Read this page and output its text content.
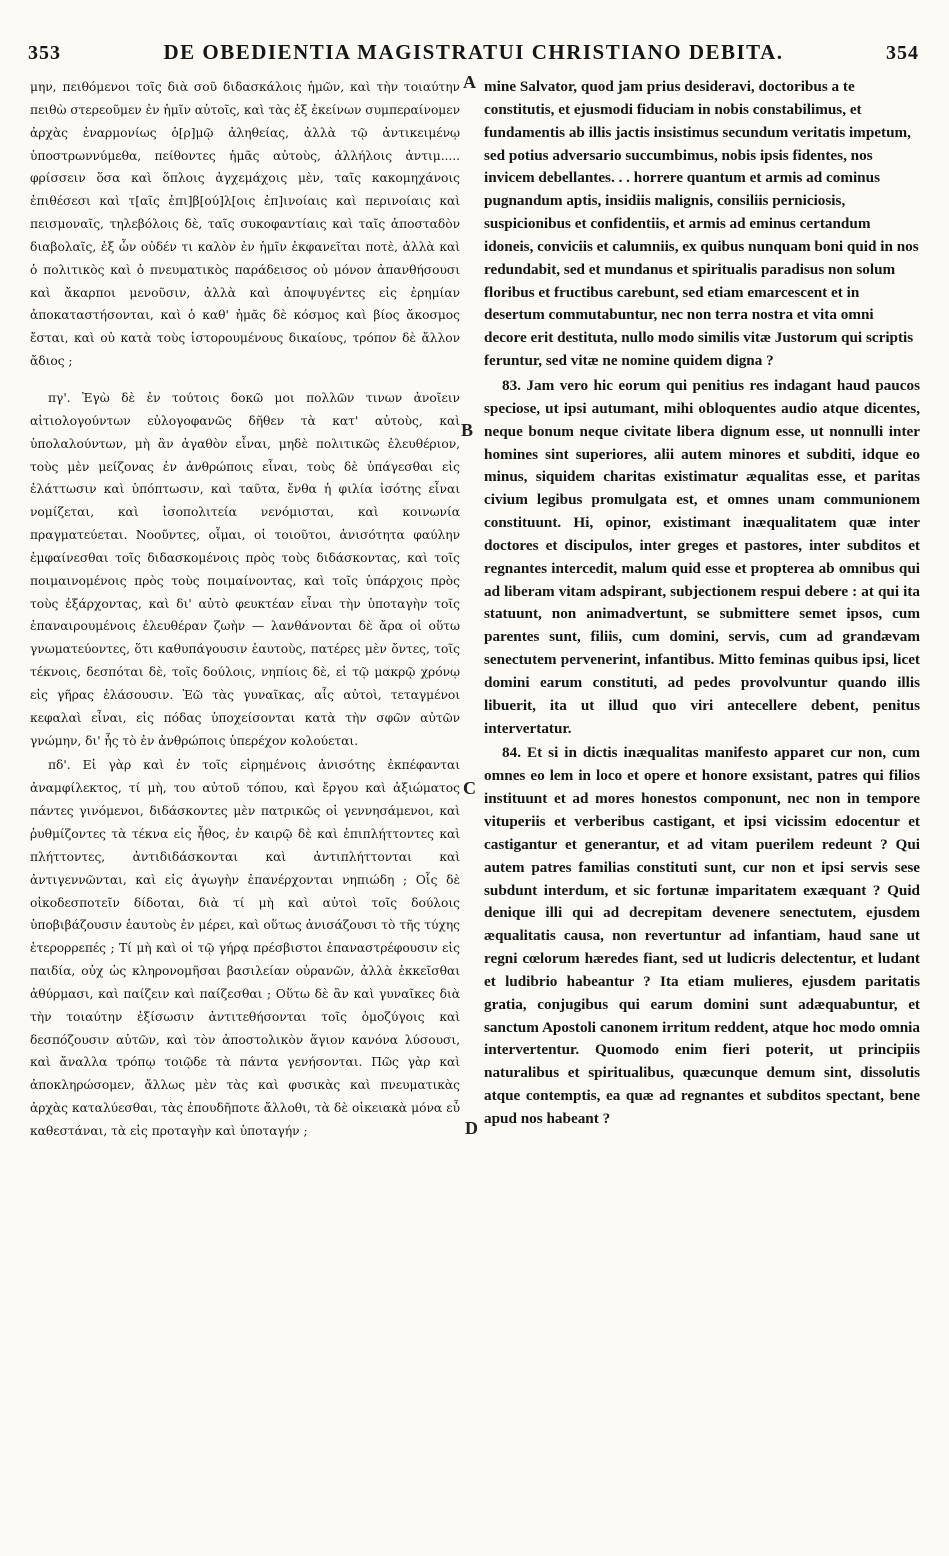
353	DE OBEDIENTIA MAGISTRATUI CHRISTIANO DEBITA.	354

μην, πειθόμενοι τοῖς διὰ σοῦ διδασκάλοις ἡμῶν, καὶ τὴν τοιαύτην πειθὼ στερεοῦμεν ἐν ἡμῖν αὐτοῖς, καὶ τὰς ἐξ ἐκείνων συμπεραίνομεν ἀρχὰς ἐναρμονίως ὁ[ρ]μῷ ἀληθείας, ἀλλὰ τῷ ἀντικειμένῳ ὑποστρωννύμεθα, πείθοντες ἡμᾶς αὐτοὺς, ἀλλήλοις ἀντιμ..... φρίσσειν ὅσα καὶ ὅπλοις ἀγχεμάχοις μὲν, ταῖς κακομηχάνοις ἐπιθέσεσι καὶ τ[αῖς ἐπι]β[ού]λ[οις ἐπ]ινοίαις καὶ περινοίαις καὶ πεισμοναῖς, τηλεβόλοις δὲ, ταῖς συκοφαντίαις καὶ ταῖς ἀποσταδὸν διαβολαῖς, ἐξ ὧν οὐδέν τι καλὸν ἐν ἡμῖν ἐκφανεῖται ποτὲ, ἀλλὰ καὶ ὁ πολιτικὸς καὶ ὁ πνευματικὸς παράδεισος οὐ μόνον ἀπανθήσουσι καὶ ἄκαρποι μενοῦσιν, ἀλλὰ καὶ ἀποψυγέντες εἰς ἐρημίαν ἀποκαταστήσονται, καὶ ὁ καθ' ἡμᾶς δὲ κόσμος καὶ βίος ἄκοσμος ἔσται, καὶ οὐ κατὰ τοὺς ἱστορουμένους δικαίους, τρόπον δὲ ἄλλον ἄδιος ;

πγ'. Ἐγὼ δὲ ἐν τούτοις δοκῶ μοι πολλῶν τινων ἀνοῖειν αἰτιολογούντων εὐλογοφανῶς δῆθεν τὰ κατ' αὐτοὺς, καὶ ὑπολαλούντων, μὴ ἂν ἀγαθὸν εἶναι, μηδὲ πολιτικῶς ἐλευθέριον, τοὺς μὲν μείζονας ἐν ἀνθρώποις εἶναι, τοὺς δὲ ὑπάγεσθαι εἰς ἐλάττωσιν καὶ ὑπόπτωσιν, καὶ ταῦτα, ἔνθα ἡ φιλία ἰσότης εἶναι νομίζεται, καὶ ἰσοπολιτεία νενόμισται, καὶ κοινωνία πραγματεύεται. Νοοῦντες, οἶμαι, οἱ τοιοῦτοι, ἀνισότητα φαύλην ἐμφαίνεσθαι τοῖς διδασκομένοις πρὸς τοὺς διδάσκοντας, καὶ τοῖς ποιμαινομένοις πρὸς τοὺς ποιμαίνοντας, καὶ τοῖς ὑπάρχοις πρὸς τοὺς ἐξάρχοντας, καὶ δι' αὐτὸ φευκτέαν εἶναι τὴν ὑποταγὴν τοῖς ἐπαναιρουμένοις ἐλευθέραν ζωὴν — λανθάνονται δὲ ἄρα οἱ οὕτω γνωματεύοντες, ὅτι καθυπάγουσιν ἑαυτοὺς, πατέρες μὲν ὄντες, τοῖς τέκνοις, δεσπόται δὲ, τοῖς δούλοις, νηπίοις δὲ, εἰ τῷ μακρῷ χρόνῳ εἰς γῆρας ἐλάσουσιν. Ἐῶ τὰς γυναῖκας, αἷς αὐτοὶ, τεταγμένοι κεφαλαὶ εἶναι, εἰς πόδας ὑποχείσονται κατὰ τὴν σφῶν αὐτῶν γνώμην, δι' ἧς τὸ ἐν ἀνθρώποις ὑπερέχον κολούεται.

πδ'. Εἰ γὰρ καὶ ἐν τοῖς εἰρημένοις ἀνισότης ἐκπέφανται ἀναμφίλεκτος, τί μὴ, του αὐτοῦ τόπου, καὶ ἔργου καὶ ἀξιώματος πάντες γινόμενοι, διδάσκοντες μὲν πατρικῶς οἱ γεννησάμενοι, καὶ ῥυθμίζοντες τὰ τέκνα εἰς ἦθος, ἐν καιρῷ δὲ καὶ ἐπιπλήττοντες καὶ πλήττοντες, ἀντιδιδάσκονται καὶ ἀντιπλήττονται καὶ ἀντιγεννῶνται, καὶ εἰς ἀγωγὴν ἐπανέρχονται νηπιώδη ; Οἷς δὲ οἰκοδεσποτεῖν δίδοται, διὰ τί μὴ καὶ αὐτοὶ τοῖς δούλοις ὑποβιβάζουσιν ἑαυτοὺς ἐν μέρει, καὶ οὕτως ἀνισάζουσι τὸ τῆς τύχης ἑτερορρεπές ; Τί μὴ καὶ οἱ τῷ γήρᾳ πρέσβιστοι ἐπαναστρέφουσιν εἰς παιδία, οὐχ ὡς κληρονομῆσαι βασιλείαν οὐρανῶν, ἀλλὰ ἐκκεῖσθαι ἀθύρμασι, καὶ παίζειν καὶ παίζεσθαι ; Οὕτω δὲ ἂν καὶ γυναῖκες διὰ τὴν τοιαύτην ἐξίσωσιν ἀντιτεθήσονται τοῖς ὁμοζύγοις καὶ δεσπόζουσιν αὐτῶν, καὶ τὸν ἀποστολικὸν ἅγιον κανόνα λύσουσι, καὶ ἄναλλα τρόπῳ τοιῷδε τὰ πάντα γενήσονται. Πῶς γὰρ καὶ ἀποκληρώσομεν, ἄλλως μὲν τὰς καὶ φυσικὰς καὶ πνευματικὰς ἀρχὰς καταλύεσθαι, τὰς ἐπουδῆποτε ἄλλοθι, τὰ δὲ οἰκειακὰ μόνα εὖ καθεστάναι, τὰ εἰς προταγὴν καὶ ὑποταγήν ;

mine Salvator, quod jam prius desideravi, doctoribus a te constitutis, et ejusmodi fiduciam in nobis constabilimus, et fundamentis ab illis jactis insistimus secundum veritatis impetum, sed potius adversario succumbimus, nobis ipsis fidentes, nos invicem debellantes. . . horrere quantum et armis ad cominus pugnandum aptis, insidiis malignis, consiliis perniciosis, suspicionibus et confidentiis, et armis ad eminus certandum idoneis, conviciis et calumniis, ex quibus nunquam boni quid in nos redundabit, sed et mundanus et spiritualis paradisus non solum floribus et fructibus carebunt, sed etiam emarcescent et in desertum commutabuntur, nec non terra nostra et vita omni decore erit destituta, nullo modo similis vitæ Justorum qui scriptis feruntur, sed vitæ ne nomine quidem digna ?

83. Jam vero hic eorum qui penitius res indagant haud paucos speciose, ut ipsi autumant, mihi obloquentes audio atque dicentes, neque bonum neque civitate libera dignum esse, ut nonnulli inter homines sint superiores, alii autem minores et subditi, idque eo minus, siquidem charitas existimatur æqualitas esse, et paritas civium legibus promulgata est, et omnes unam communionem constituunt. Hi, opinor, existimant inæqualitatem quæ inter doctores et discipulos, inter greges et pastores, inter subditos et regnantes intercedit, malum quid esse et propterea ab omnibus qui ad liberam vitam adspirant, subjectionem respui debere : at qui ita statuunt, non animadvertunt, se submittere semet ipsos, cum parentes sunt, filiis, cum domini, servis, cum ad grandævam senectutem pervenerint, infantibus. Mitto feminas quibus ipsi, licet domini earum constituti, ad pedes provolvuntur quando illis libuerit, ita ut illud quo viri antecellere debent, penitus intervertatur.

84. Et si in dictis inæqualitas manifesto apparet cur non, cum omnes eo lem in loco et opere et honore exsistant, patres qui filios instituunt et ad mores honestos componunt, nec non in tempore vituperiis et verberibus castigant, et ipsi vicissim edocentur et castigantur et generantur, et ad vitam puerilem redeunt ? Qui autem patres familias constituti sunt, cur non et ipsi servis sese subdunt interdum, et sic fortunæ imparitatem exæquant ? Quid denique illi qui ad decrepitam devenere senectutem, ejusdem æqualitatis causa, non revertuntur ad infantiam, haud sane ut regni cœlorum hæredes fiant, sed ut ludicris delectentur, et ludant et ludibrio habeantur ? Ita etiam mulieres, ejusdem paritatis gratia, conjugibus qui earum domini sunt adæquabuntur, et sanctum Apostoli canonem irritum reddent, atque hoc modo omnia intervertentur. Quomodo enim fieri poterit, ut principiis naturalibus et spiritualibus, quæcunque demum sint, dissolutis atque contemptis, ea quæ ad regnantes et subditos spectant, bene apud nos habeant ?

A
B
C
D
